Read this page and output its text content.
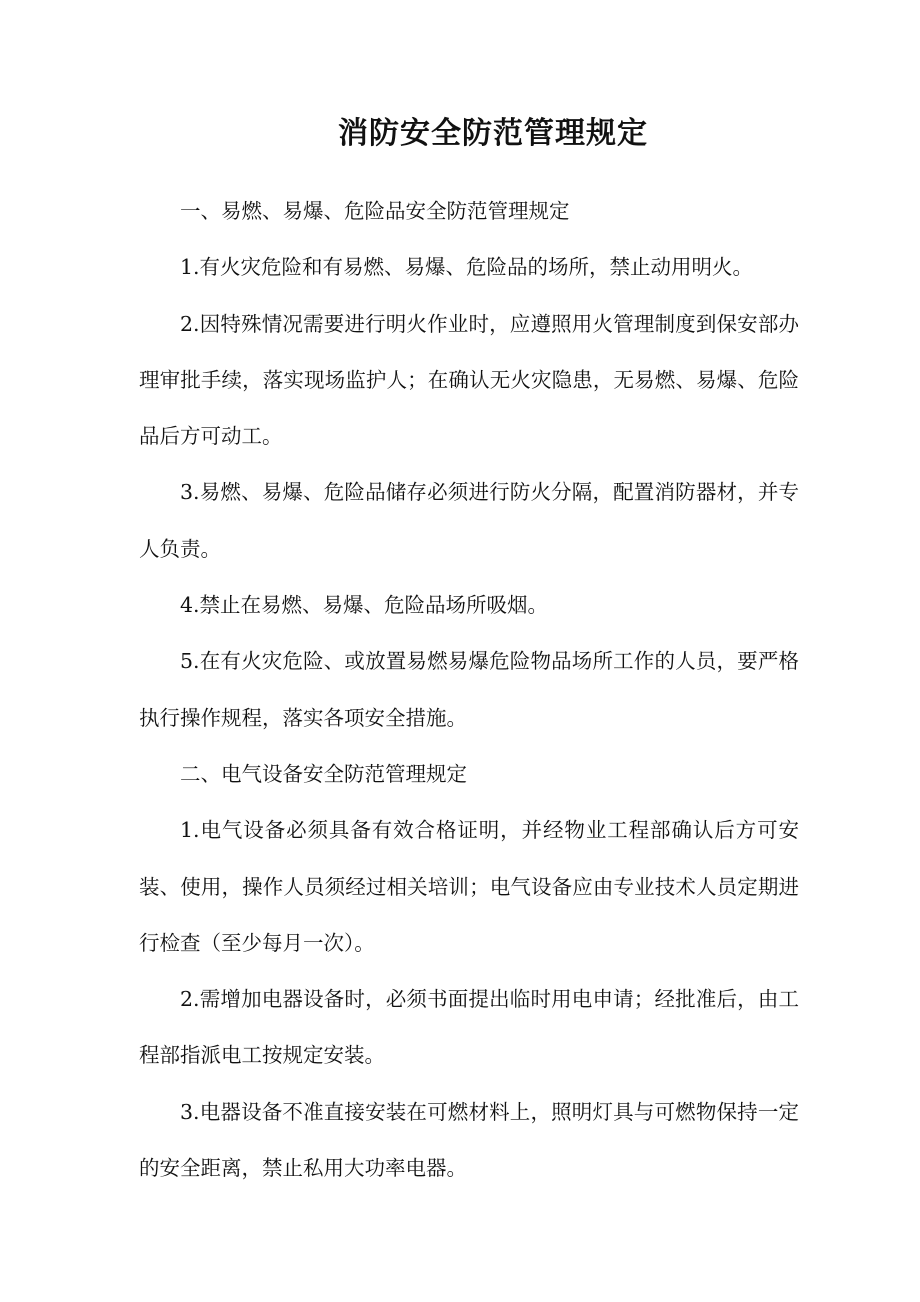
消防安全防范管理规定

一、易燃、易爆、危险品安全防范管理规定

1.有火灾危险和有易燃、易爆、危险品的场所，禁止动用明火。

2.因特殊情况需要进行明火作业时，应遵照用火管理制度到保安部办理审批手续，落实现场监护人；在确认无火灾隐患，无易燃、易爆、危险品后方可动工。

3.易燃、易爆、危险品储存必须进行防火分隔，配置消防器材，并专人负责。

4.禁止在易燃、易爆、危险品场所吸烟。

5.在有火灾危险、或放置易燃易爆危险物品场所工作的人员，要严格执行操作规程，落实各项安全措施。

二、电气设备安全防范管理规定

1.电气设备必须具备有效合格证明，并经物业工程部确认后方可安装、使用，操作人员须经过相关培训；电气设备应由专业技术人员定期进行检查（至少每月一次）。

2.需增加电器设备时，必须书面提出临时用电申请；经批准后，由工程部指派电工按规定安装。

3.电器设备不准直接安装在可燃材料上，照明灯具与可燃物保持一定的安全距离，禁止私用大功率电器。
